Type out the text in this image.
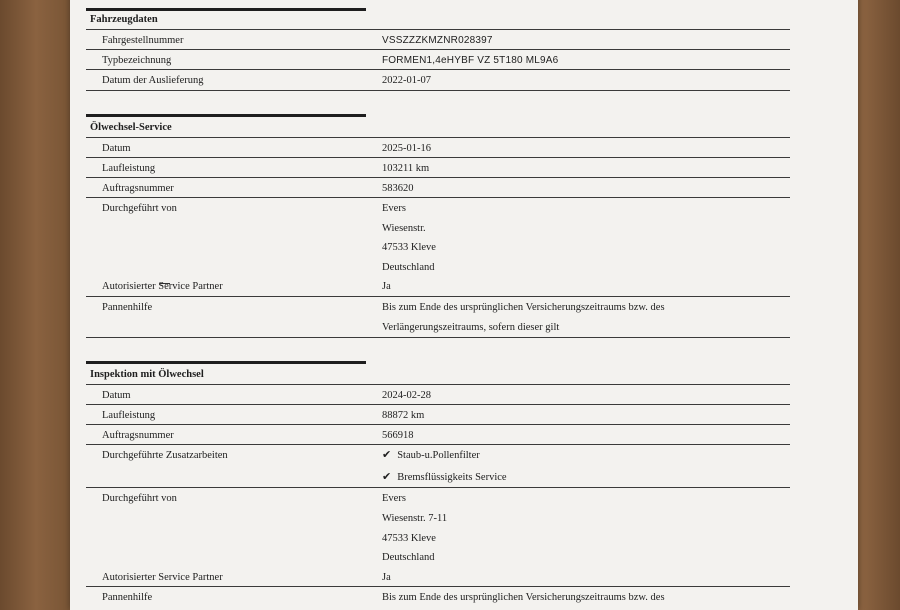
Fahrzeugdaten
Fahrgestellnummer	VSSZZZKMZNR028397
Typbezeichnung	FORMEN1,4eHYBF VZ 5T180 ML9A6
Datum der Auslieferung	2022-01-07
Ölwechsel-Service
Datum	2025-01-16
Laufleistung	103211 km
Auftragsnummer	583620
Durchgeführt von	Evers
Wiesenstr.
47533 Kleve
Deutschland
Autorisierter Service Partner	Ja
Pannenhilfe	Bis zum Ende des ursprünglichen Versicherungszeitraums bzw. des
Verlängerungszeitraums, sofern dieser gilt
Inspektion mit Ölwechsel
Datum	2024-02-28
Laufleistung	88872 km
Auftragsnummer	566918
Durchgeführte Zusatzarbeiten	✔ Staub-u.Pollenfilter
✔ Bremsflüssigkeits Service
Durchgeführt von	Evers
Wiesenstr. 7-11
47533 Kleve
Deutschland
Autorisierter Service Partner	Ja
Pannenhilfe	Bis zum Ende des ursprünglichen Versicherungszeitraums bzw. des
